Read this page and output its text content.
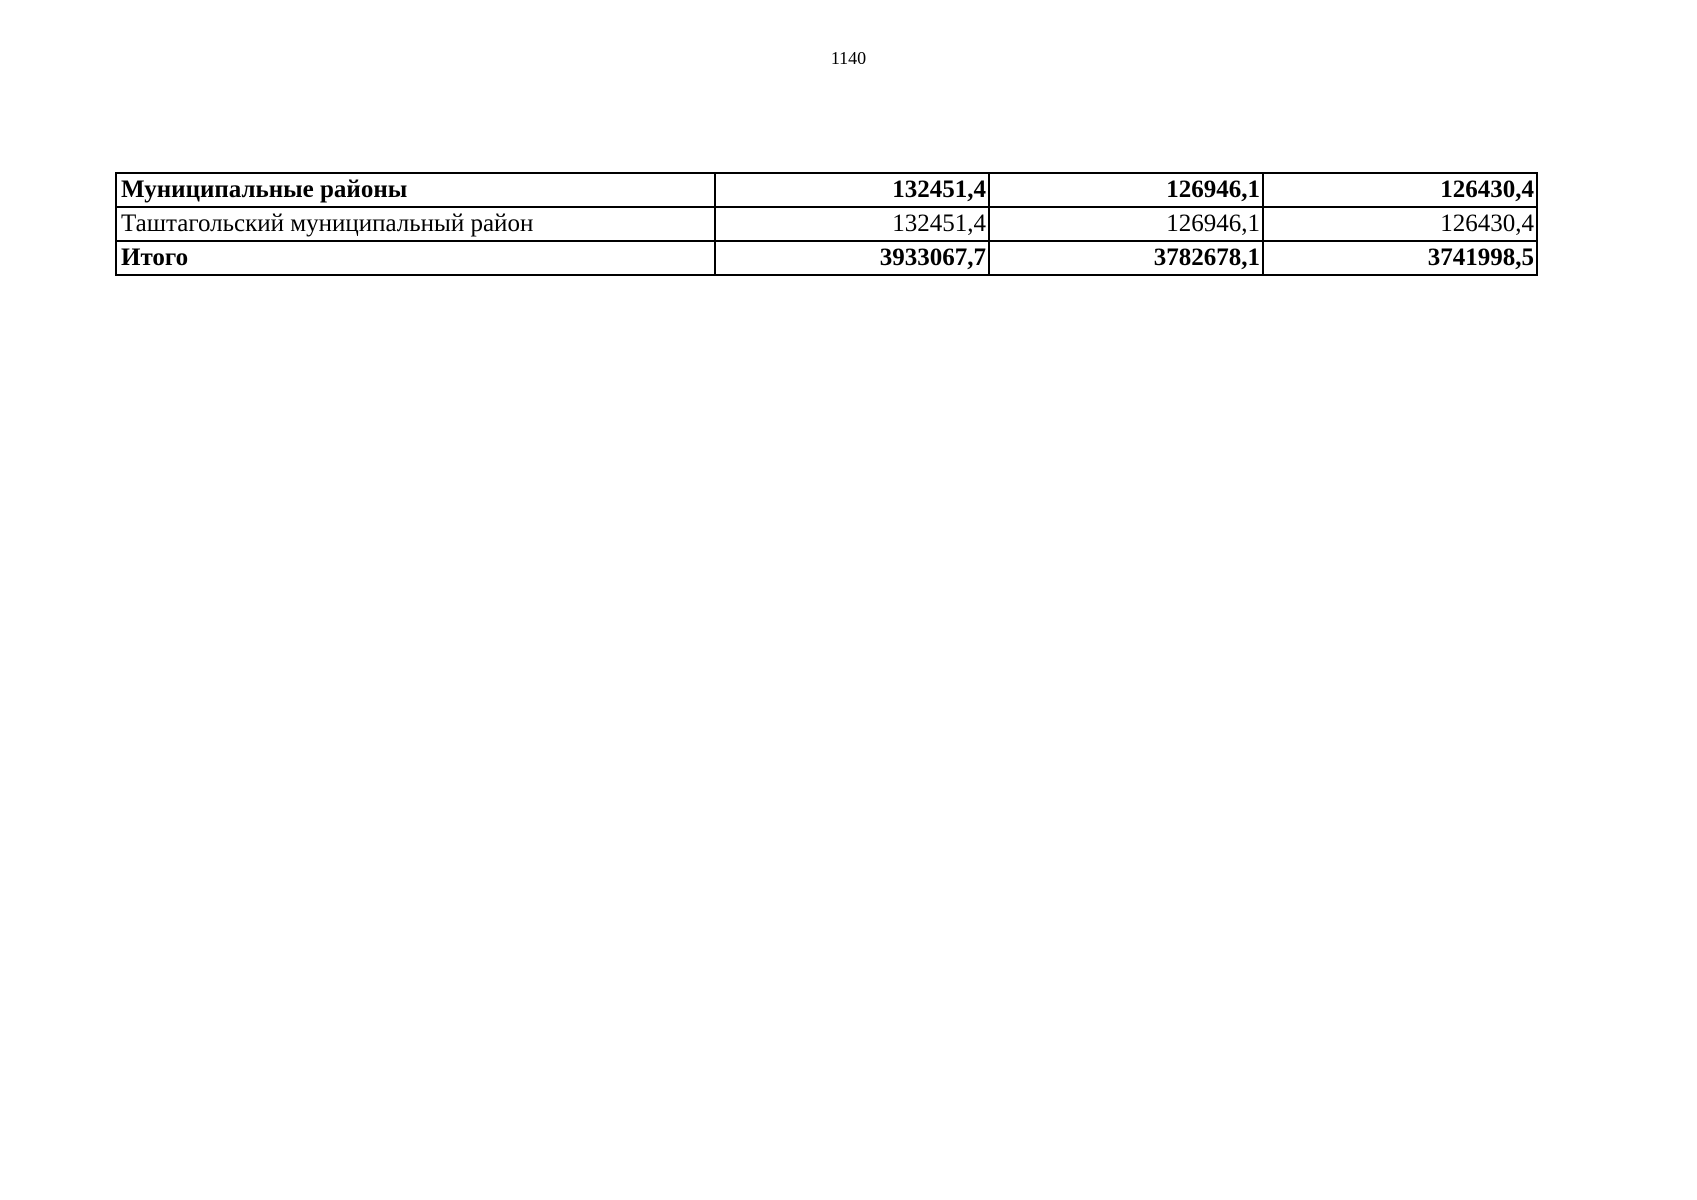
1140
Муниципальные районы	132451,4	126946,1	126430,4
Таштагольский муниципальный район	132451,4	126946,1	126430,4
Итого	3933067,7	3782678,1	3741998,5
